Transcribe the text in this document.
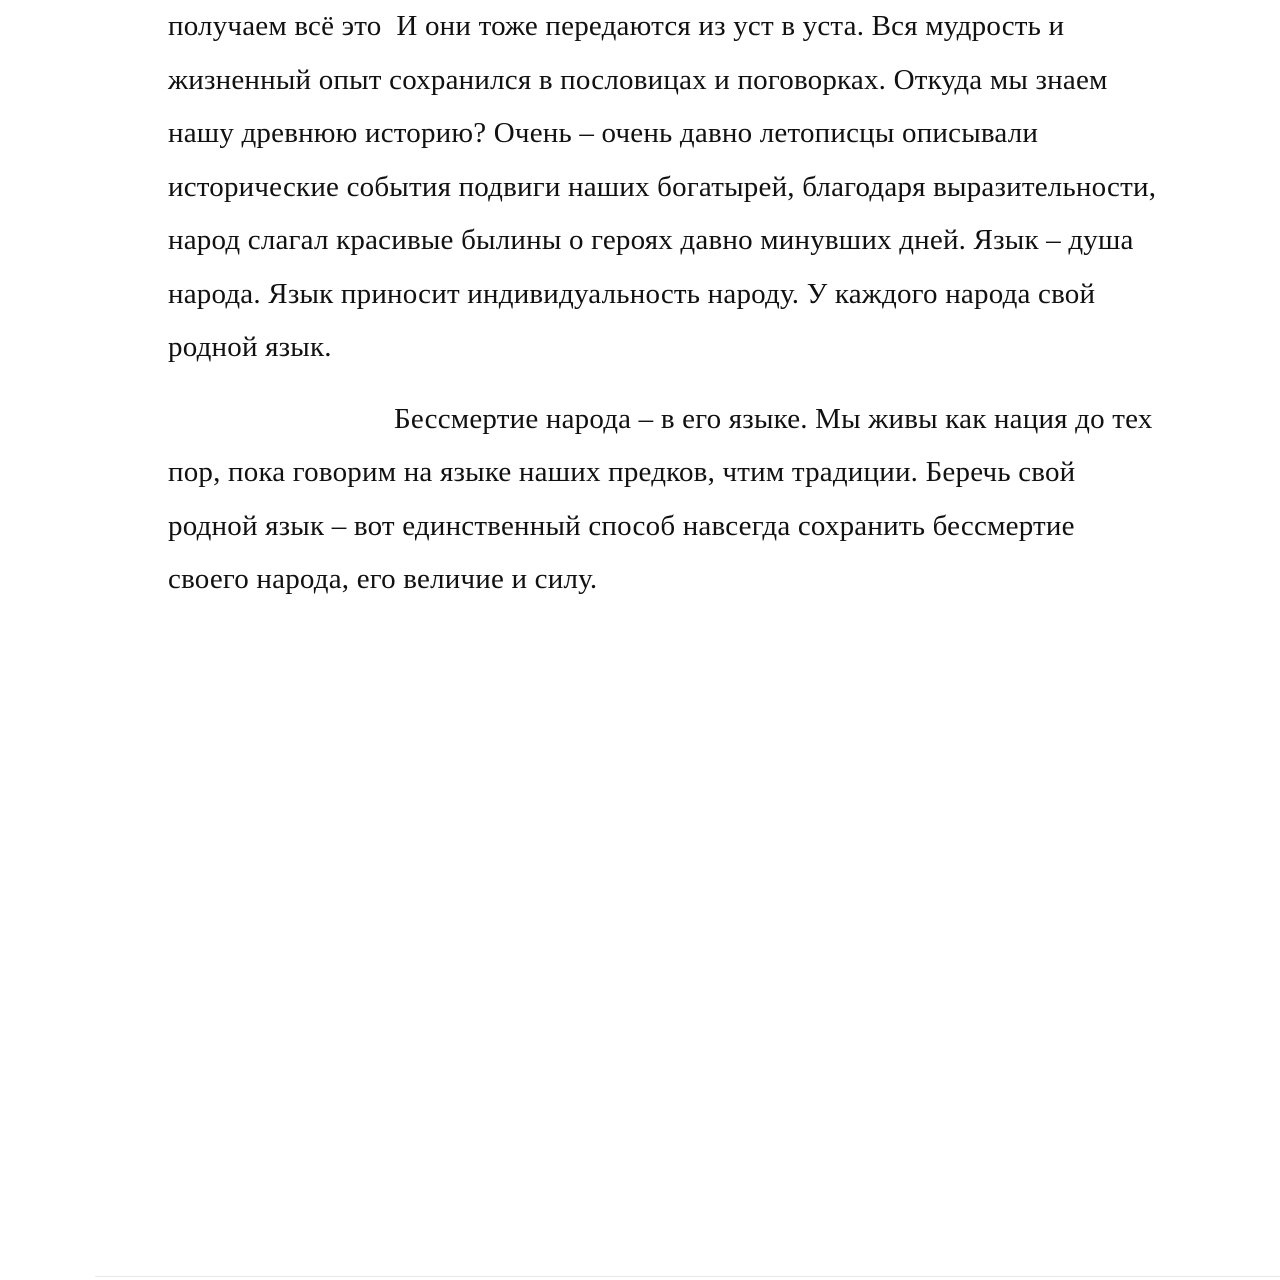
получаем всё это  И они тоже передаются из уст в уста. Вся мудрость и
жизненный опыт сохранился в пословицах и поговорках. Откуда мы знаем
нашу древнюю историю? Очень – очень давно летописцы описывали
исторические события подвиги наших богатырей, благодаря выразительности,
народ слагал красивые былины о героях давно минувших дней. Язык – душа
народа. Язык приносит индивидуальность народу. У каждого народа свой
родной язык.
Бессмертие народа – в его языке. Мы живы как нация до тех
пор, пока говорим на языке наших предков, чтим традиции. Беречь свой
родной язык – вот единственный способ навсегда сохранить бессмертие
своего народа, его величие и силу.
